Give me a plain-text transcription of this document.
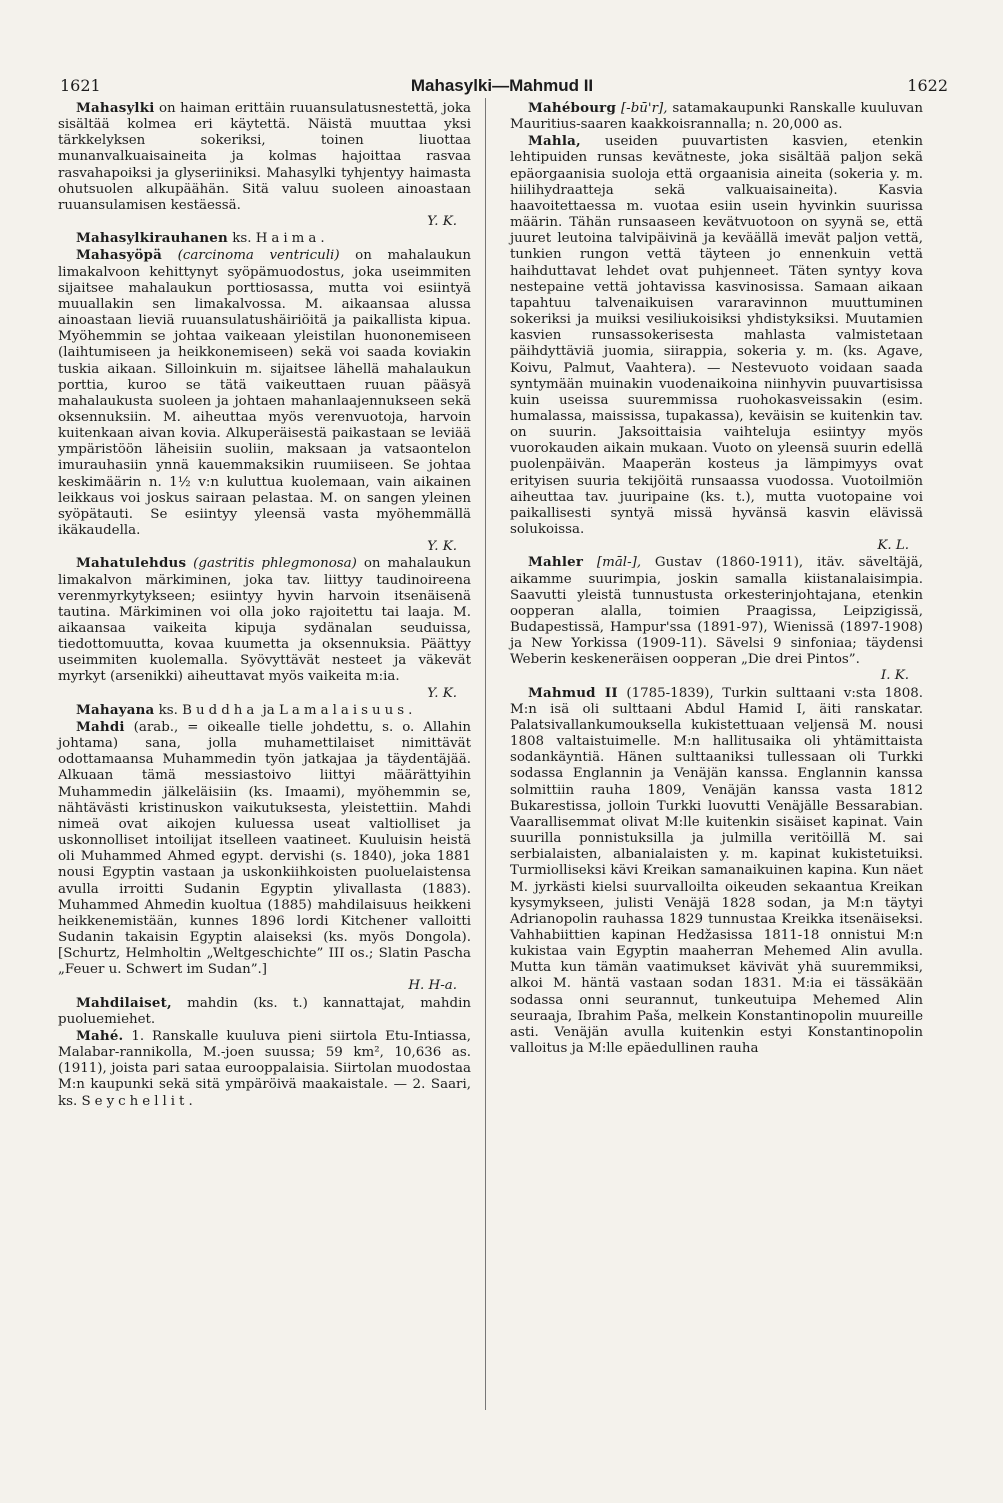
1621	Mahasylki—Mahmud II	1622

Mahasylki on haiman erittäin ruuansulatusnestettä, joka sisältää kolmea eri käytettä. Näistä muuttaa yksi tärkkelyksen sokeriksi, toinen liuottaa munanvalkuaisaineita ja kolmas hajoittaa rasvaa rasvahapoiksi ja glyseriiniksi. Mahasylki tyhjentyy haimasta ohutsuolen alkupäähän. Sitä valuu suoleen ainoastaan ruuansulamisen kestäessä.

Y. K.

Mahasylkirauhanen ks. Haima.

Mahasyöpä (carcinoma ventriculi) on mahalaukun limakalvoon kehittynyt syöpämuodostus, joka useimmiten sijaitsee mahalaukun porttiosassa, mutta voi esiintyä muuallakin sen limakalvossa. M. aikaansaa alussa ainoastaan lieviä ruuansulatushäiriöitä ja paikallista kipua. Myöhemmin se johtaa vaikeaan yleistilan huononemiseen (laihtumiseen ja heikkonemiseen) sekä voi saada koviakin tuskia aikaan. Silloinkuin m. sijaitsee lähellä mahalaukun porttia, kuroo se tätä vaikeuttaen ruuan pääsyä mahalaukusta suoleen ja johtaen mahanlaajennukseen sekä oksennuksiin. M. aiheuttaa myös verenvuotoja, harvoin kuitenkaan aivan kovia. Alkuperäisestä paikastaan se leviää ympäristöön läheisiin suoliin, maksaan ja vatsaontelon imurauhasiin ynnä kauemmaksikin ruumiiseen. Se johtaa keskimäärin n. 1½ v:n kuluttua kuolemaan, vain aikainen leikkaus voi joskus sairaan pelastaa. M. on sangen yleinen syöpätauti. Se esiintyy yleensä vasta myöhemmällä ikäkaudella.

Y. K.

Mahatulehdus (gastritis phlegmonosa) on mahalaukun limakalvon märkiminen, joka tav. liittyy taudinoireena verenmyrkytykseen; esiintyy hyvin harvoin itsenäisenä tautina. Märkiminen voi olla joko rajoitettu tai laaja. M. aikaansaa vaikeita kipuja sydänalan seuduissa, tiedottomuutta, kovaa kuumetta ja oksennuksia. Päättyy useimmiten kuolemalla. Syövyttävät nesteet ja väkevät myrkyt (arsenikki) aiheuttavat myös vaikeita m:ia.

Y. K.

Mahayana ks. Buddha ja Lamalaisuus.

Mahdi (arab., = oikealle tielle johdettu, s. o. Allahin johtama) sana, jolla muhamettilaiset nimittävät odottamaansa Muhammedin työn jatkajaa ja täydentäjää. Alkuaan tämä messiastoivo liittyi määrättyihin Muhammedin jälkeläisiin (ks. Imaami), myöhemmin se, nähtävästi kristinuskon vaikutuksesta, yleistettiin. Mahdi nimeä ovat aikojen kuluessa useat valtiolliset ja uskonnolliset intoilijat itselleen vaatineet. Kuuluisin heistä oli Muhammed Ahmed egypt. dervishi (s. 1840), joka 1881 nousi Egyptin vastaan ja uskonkiihkoisten puoluelaistensa avulla irroitti Sudanin Egyptin ylivallasta (1883). Muhammed Ahmedin kuoltua (1885) mahdilaisuus heikkeni heikkenemistään, kunnes 1896 lordi Kitchener valloitti Sudanin takaisin Egyptin alaiseksi (ks. myös Dongola). [Schurtz, Helmholtin „Weltgeschichte” III os.; Slatin Pascha „Feuer u. Schwert im Sudan”.]

H. H-a.

Mahdilaiset, mahdin (ks. t.) kannattajat, mahdin puoluemiehet.

Mahé. 1. Ranskalle kuuluva pieni siirtola Etu-Intiassa, Malabar-rannikolla, M.-joen suussa; 59 km², 10,636 as. (1911), joista pari sataa eurooppalaisia. Siirtolan muodostaa M:n kaupunki sekä sitä ympäröivä maakaistale. — 2. Saari, ks. Seychellit.

Mahébourg [-bū'r], satamakaupunki Ranskalle kuuluvan Mauritius-saaren kaakkoisrannalla; n. 20,000 as.

Mahla, useiden puuvartisten kasvien, etenkin lehtipuiden runsas kevätneste, joka sisältää paljon sekä epäorgaanisia suoloja että orgaanisia aineita (sokeria y. m. hiilihydraatteja sekä valkuaisaineita). Kasvia haavoitettaessa m. vuotaa esiin usein hyvinkin suurissa määrin. Tähän runsaaseen kevätvuotoon on syynä se, että juuret leutoina talvipäivinä ja keväällä imevät paljon vettä, tunkien rungon vettä täyteen jo ennenkuin vettä haihduttavat lehdet ovat puhjenneet. Täten syntyy kova nestepaine vettä johtavissa kasvinosissa. Samaan aikaan tapahtuu talvenaikuisen vararavinnon muuttuminen sokeriksi ja muiksi vesiliukoisiksi yhdistyksiksi. Muutamien kasvien runsassokerisesta mahlasta valmistetaan päihdyttäviä juomia, siirappia, sokeria y. m. (ks. Agave, Koivu, Palmut, Vaahtera). — Nestevuoto voidaan saada syntymään muinakin vuodenaikoina niinhyvin puuvartisissa kuin useissa suuremmissa ruohokasveissakin (esim. humalassa, maississa, tupakassa), keväisin se kuitenkin tav. on suurin. Jaksoittaisia vaihteluja esiintyy myös vuorokauden aikain mukaan. Vuoto on yleensä suurin edellä puolenpäivän. Maaperän kosteus ja lämpimyys ovat erityisen suuria tekijöitä runsaassa vuodossa. Vuotoilmiön aiheuttaa tav. juuripaine (ks. t.), mutta vuotopaine voi paikallisesti syntyä missä hyvänsä kasvin elävissä solukoissa.

K. L.

Mahler [māl-], Gustav (1860-1911), itäv. säveltäjä, aikamme suurimpia, joskin samalla kiistanalaisimpia. Saavutti yleistä tunnustusta orkesterinjohtajana, etenkin oopperan alalla, toimien Praagissa, Leipzigissä, Budapestissä, Hampur'ssa (1891-97), Wienissä (1897-1908) ja New Yorkissa (1909-11). Sävelsi 9 sinfoniaa; täydensi Weberin keskeneräisen oopperan „Die drei Pintos”.

I. K.

Mahmud II (1785-1839), Turkin sulttaani v:sta 1808. M:n isä oli sulttaani Abdul Hamid I, äiti ranskatar. Palatsivallankumouksella kukistettuaan veljensä M. nousi 1808 valtaistuimelle. M:n hallitusaika oli yhtämittaista sodankäyntiä. Hänen sulttaaniksi tullessaan oli Turkki sodassa Englannin ja Venäjän kanssa. Englannin kanssa solmittiin rauha 1809, Venäjän kanssa vasta 1812 Bukarestissa, jolloin Turkki luovutti Venäjälle Bessarabian. Vaarallisemmat olivat M:lle kuitenkin sisäiset kapinat. Vain suurilla ponnistuksilla ja julmilla veritöillä M. sai serbialaisten, albanialaisten y. m. kapinat kukistetuiksi. Turmiolliseksi kävi Kreikan samanaikuinen kapina. Kun näet M. jyrkästi kielsi suurvalloilta oikeuden sekaantua Kreikan kysymykseen, julisti Venäjä 1828 sodan, ja M:n täytyi Adrianopolin rauhassa 1829 tunnustaa Kreikka itsenäiseksi. Vahhabiittien kapinan Hedžasissa 1811-18 onnistui M:n kukistaa vain Egyptin maaherran Mehemed Alin avulla. Mutta kun tämän vaatimukset kävivät yhä suuremmiksi, alkoi M. häntä vastaan sodan 1831. M:ia ei tässäkään sodassa onni seurannut, tunkeutuipa Mehemed Alin seuraaja, Ibrahim Paša, melkein Konstantinopolin muureille asti. Venäjän avulla kuitenkin estyi Konstantinopolin valloitus ja M:lle epäedullinen rauha
